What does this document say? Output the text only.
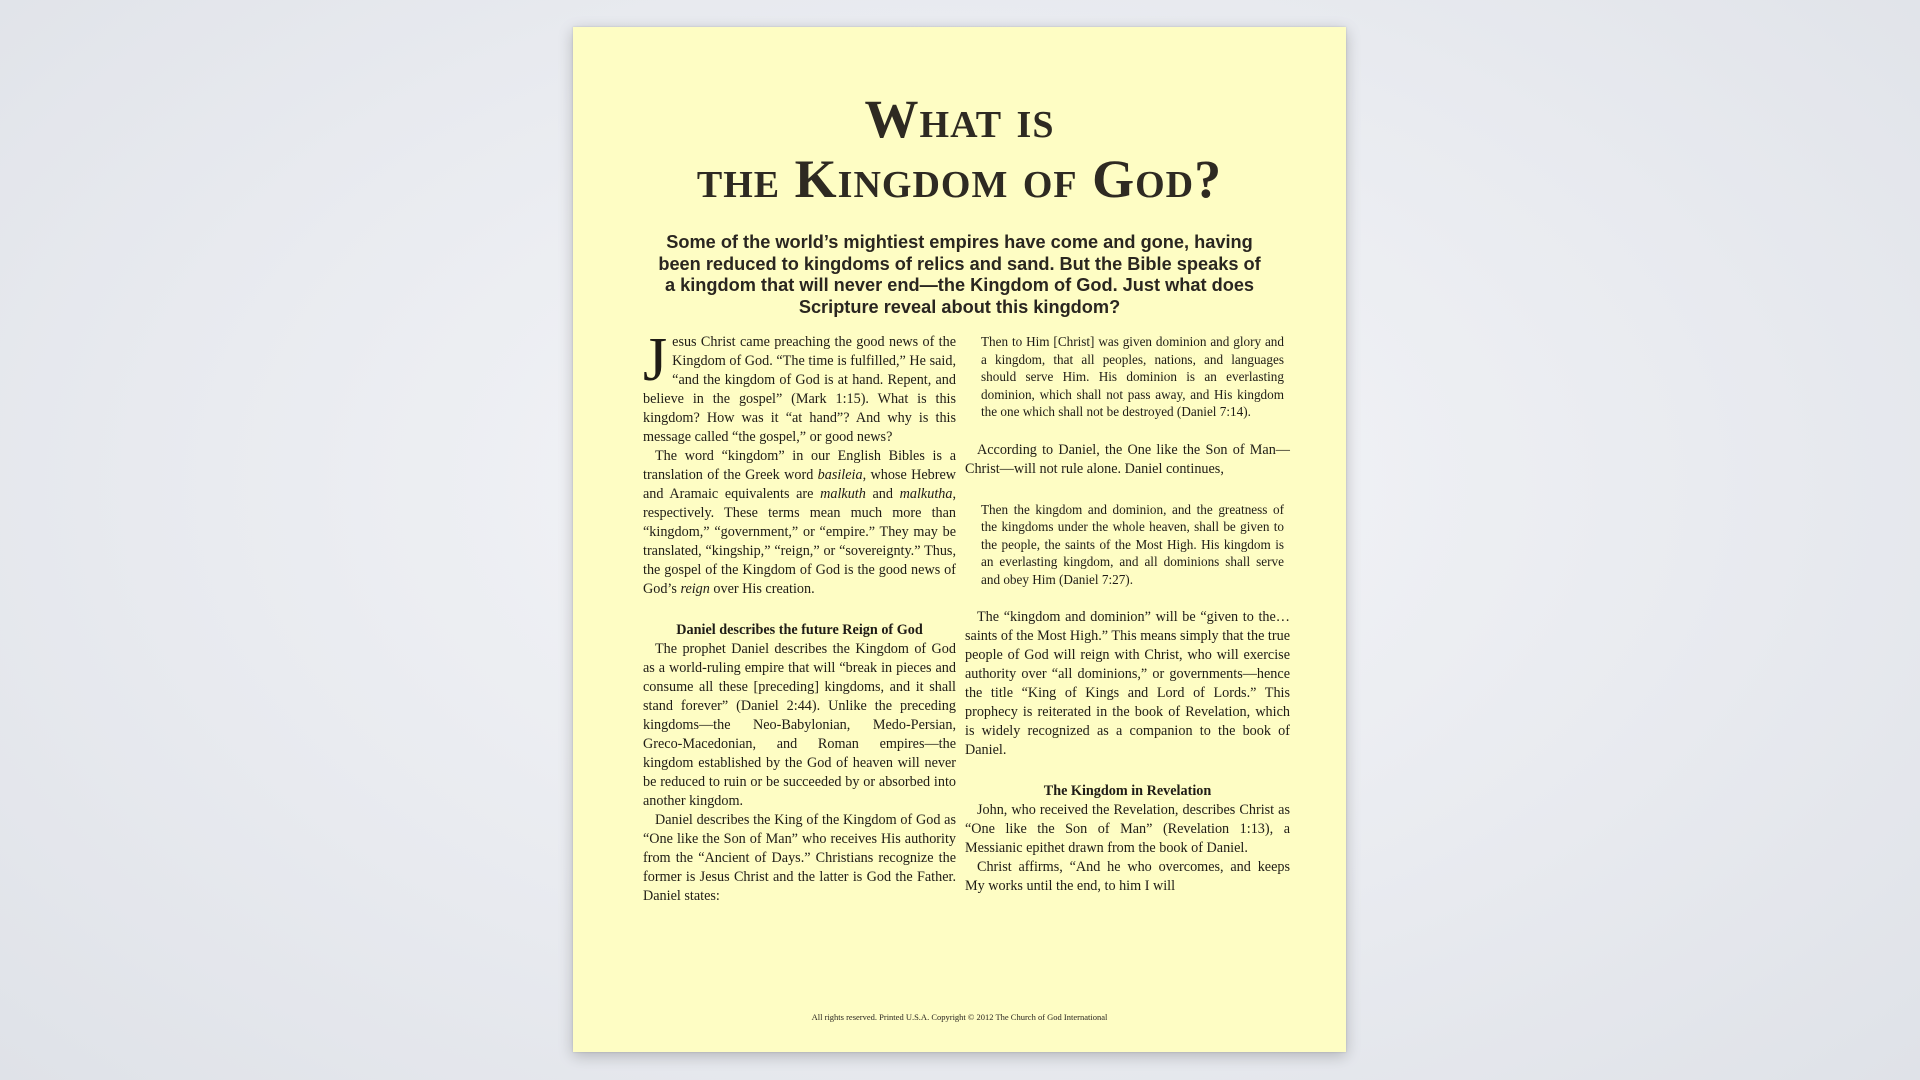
What is
the Kingdom of God?

Some of the world’s mightiest empires have come and gone, having been reduced to kingdoms of relics and sand. But the Bible speaks of a kingdom that will never end—the Kingdom of God. Just what does Scripture reveal about this kingdom?

Jesus Christ came preaching the good news of the Kingdom of God. “The time is fulfilled,” He said, “and the kingdom of God is at hand. Repent, and believe in the gospel” (Mark 1:15). What is this kingdom? How was it “at hand”? And why is this message called “the gospel,” or good news?

The word “kingdom” in our English Bibles is a translation of the Greek word basileia, whose Hebrew and Aramaic equivalents are malkuth and malkutha, respectively. These terms mean much more than “kingdom,” “government,” or “empire.” They may be translated, “kingship,” “reign,” or “sovereignty.” Thus, the gospel of the Kingdom of God is the good news of God’s reign over His creation.

Daniel describes the future Reign of God

The prophet Daniel describes the Kingdom of God as a world-ruling empire that will “break in pieces and consume all these [preceding] kingdoms, and it shall stand forever” (Daniel 2:44). Unlike the preceding kingdoms—the Neo-Babylonian, Medo-Persian, Greco-Macedonian, and Roman empires—the kingdom established by the God of heaven will never be reduced to ruin or be succeeded by or absorbed into another kingdom.

Daniel describes the King of the Kingdom of God as “One like the Son of Man” who receives His authority from the “Ancient of Days.” Christians recognize the former is Jesus Christ and the latter is God the Father. Daniel states:

Then to Him [Christ] was given dominion and glory and a kingdom, that all peoples, nations, and languages should serve Him. His dominion is an everlasting dominion, which shall not pass away, and His kingdom the one which shall not be destroyed (Daniel 7:14).

According to Daniel, the One like the Son of Man—Christ—will not rule alone. Daniel continues,

Then the kingdom and dominion, and the greatness of the kingdoms under the whole heaven, shall be given to the people, the saints of the Most High. His kingdom is an everlasting kingdom, and all dominions shall serve and obey Him (Daniel 7:27).

The “kingdom and dominion” will be “given to the…saints of the Most High.” This means simply that the true people of God will reign with Christ, who will exercise authority over “all dominions,” or governments—hence the title “King of Kings and Lord of Lords.” This prophecy is reiterated in the book of Revelation, which is widely recognized as a companion to the book of Daniel.

The Kingdom in Revelation

John, who received the Revelation, describes Christ as “One like the Son of Man” (Revelation 1:13), a Messianic epithet drawn from the book of Daniel.

Christ affirms, “And he who overcomes, and keeps My works until the end, to him I will

All rights reserved. Printed U.S.A. Copyright © 2012 The Church of God International
